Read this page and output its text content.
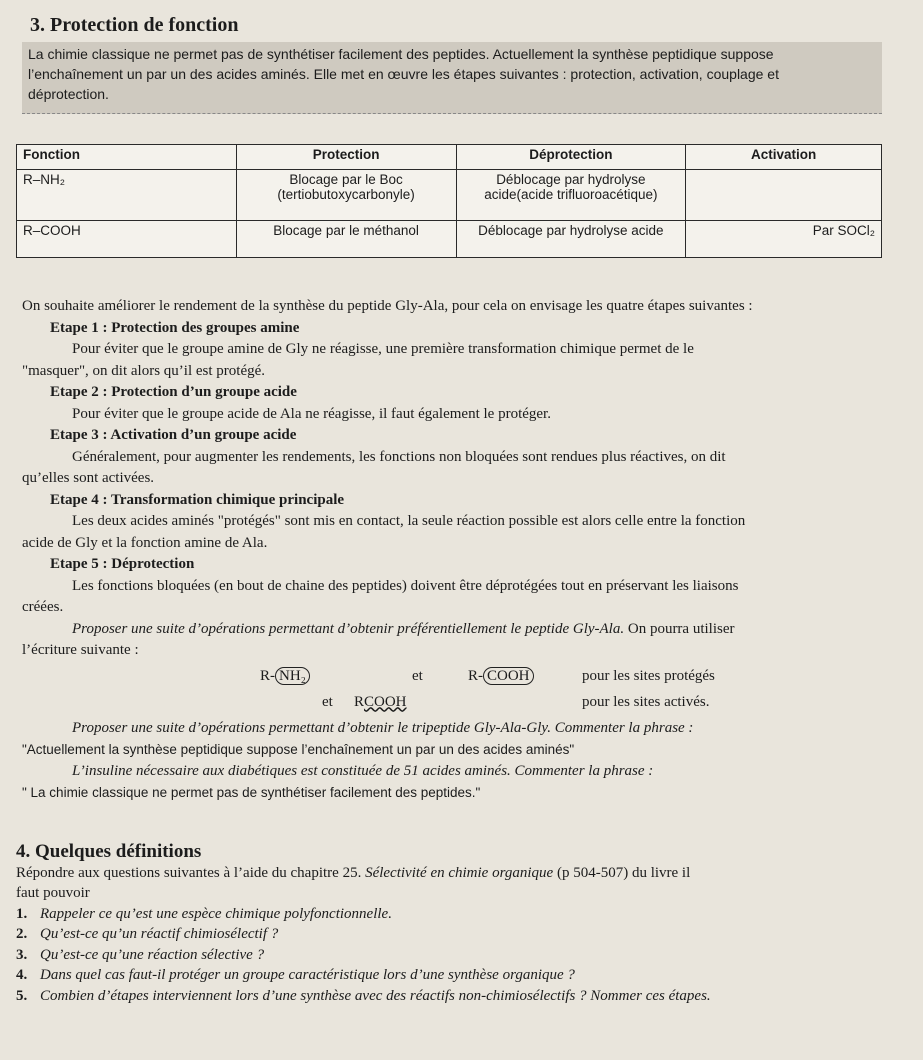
3. Protection de fonction

La chimie classique ne permet pas de synthétiser facilement des peptides. Actuellement la synthèse peptidique suppose
l’enchaînement un par un des acides aminés. Elle met en œuvre les étapes suivantes : protection, activation, couplage et
déprotection.

Fonction	Protection	Déprotection	Activation
R–NH₂	Blocage par le Boc (tertiobutoxycarbonyle)	Déblocage par hydrolyse acide(acide trifluoroacétique)	
R–COOH	Blocage par le méthanol	Déblocage par hydrolyse acide	Par SOCl₂

On souhaite améliorer le rendement de la synthèse du peptide Gly-Ala, pour cela on envisage les quatre étapes suivantes :

Etape 1 : Protection des groupes amine

Pour éviter que le groupe amine de Gly ne réagisse, une première transformation chimique permet de le

"masquer", on dit alors qu’il est protégé.

Etape 2 : Protection d’un groupe acide

Pour éviter que le groupe acide de Ala ne réagisse, il faut également le protéger.

Etape 3 : Activation d’un groupe acide

Généralement, pour augmenter les rendements, les fonctions non bloquées sont rendues plus réactives, on dit

qu’elles sont activées.

Etape 4 : Transformation chimique principale

Les deux acides aminés "protégés" sont mis en contact, la seule réaction possible est alors celle entre la fonction

acide de Gly et la fonction amine de Ala.

Etape 5 : Déprotection

Les fonctions bloquées (en bout de chaine des peptides) doivent être déprotégées tout en préservant les liaisons

créées.

Proposer une suite d’opérations permettant d’obtenir préférentiellement le peptide Gly-Ala. On pourra utiliser

l’écriture suivante :

R- NH₂	et	R- COOH	pour les sites protégés
et RCOOH	pour les sites activés.

Proposer une suite d’opérations permettant d’obtenir le tripeptide Gly-Ala-Gly. Commenter la phrase :

"Actuellement la synthèse peptidique suppose l’enchaînement un par un des acides aminés"

L’insuline nécessaire aux diabétiques est constituée de 51 acides aminés. Commenter la phrase :

" La chimie classique ne permet pas de synthétiser facilement des peptides."

4. Quelques définitions

Répondre aux questions suivantes à l’aide du chapitre 25. Sélectivité en chimie organique (p 504-507) du livre il

faut pouvoir

1. Rappeler ce qu’est une espèce chimique polyfonctionnelle.
2. Qu’est-ce qu’un réactif chimiosélectif ?
3. Qu’est-ce qu’une réaction sélective ?
4. Dans quel cas faut-il protéger un groupe caractéristique lors d’une synthèse organique ?
5. Combien d’étapes interviennent lors d’une synthèse avec des réactifs non-chimiosélectifs ? Nommer ces étapes.
